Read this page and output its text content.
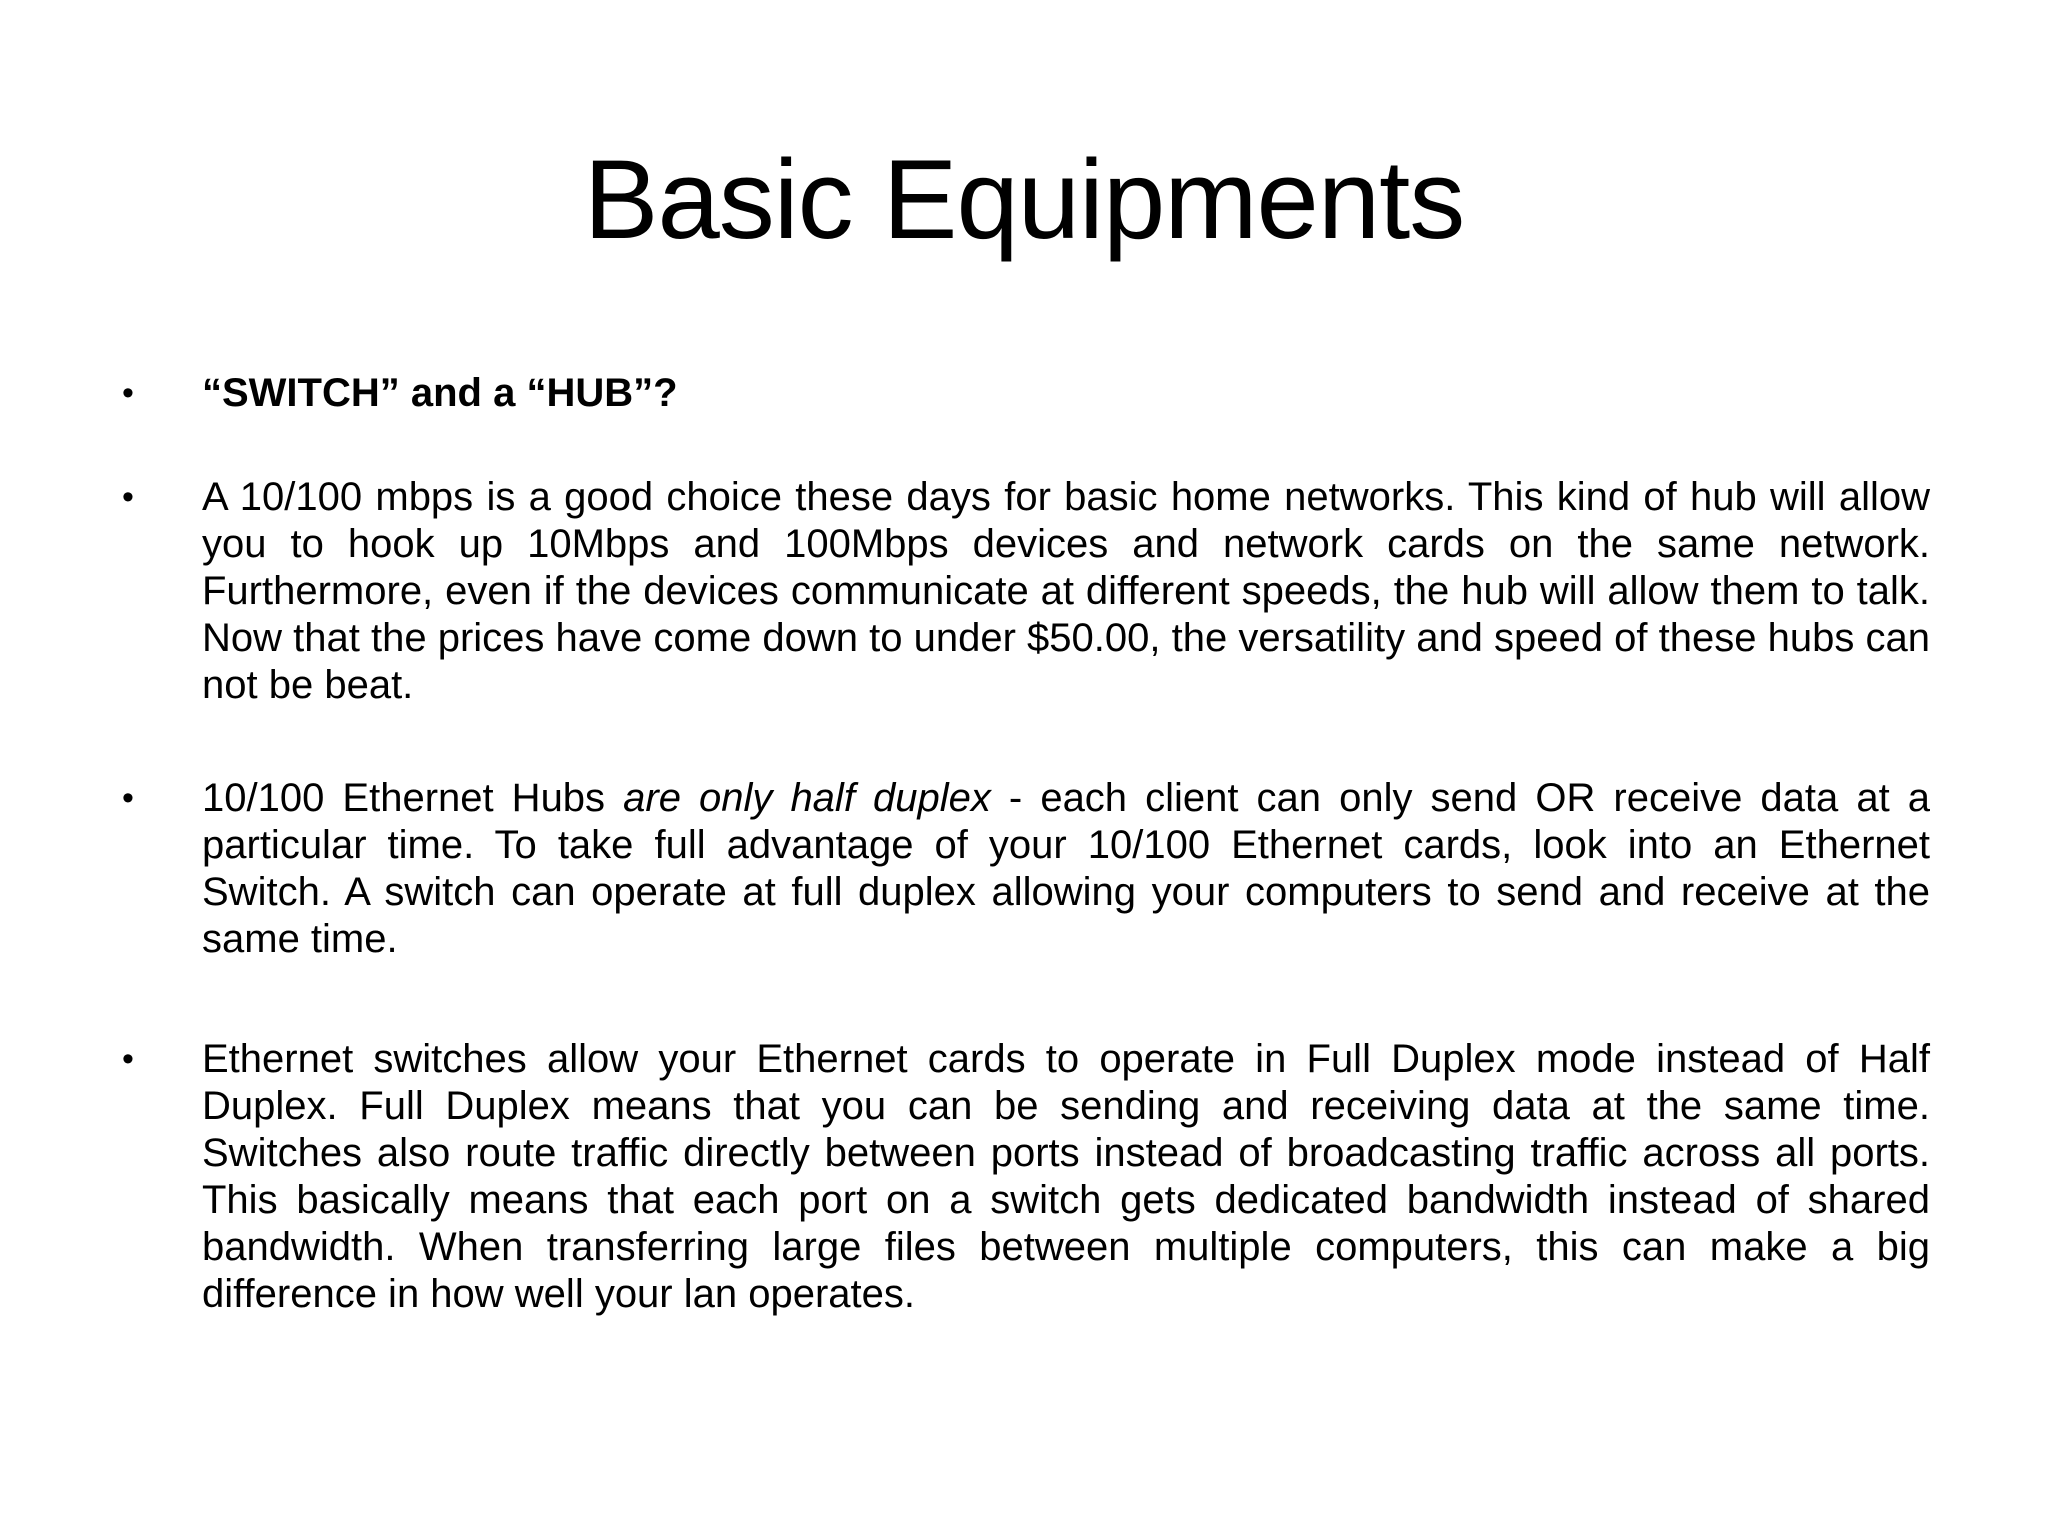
Basic Equipments
• “SWITCH” and a “HUB”?
• A 10/100 mbps is a good choice these days for basic home networks. This kind of hub will allow you to hook up 10Mbps and 100Mbps devices and network cards on the same network. Furthermore, even if the devices communicate at different speeds, the hub will allow them to talk. Now that the prices have come down to under $50.00, the versatility and speed of these hubs can not be beat.
• 10/100 Ethernet Hubs are only half duplex - each client can only send OR receive data at a particular time. To take full advantage of your 10/100 Ethernet cards, look into an Ethernet Switch. A switch can operate at full duplex allowing your computers to send and receive at the same time.
• Ethernet switches allow your Ethernet cards to operate in Full Duplex mode instead of Half Duplex. Full Duplex means that you can be sending and receiving data at the same time. Switches also route traffic directly between ports instead of broadcasting traffic across all ports. This basically means that each port on a switch gets dedicated bandwidth instead of shared bandwidth. When transferring large files between multiple computers, this can make a big difference in how well your lan operates.
